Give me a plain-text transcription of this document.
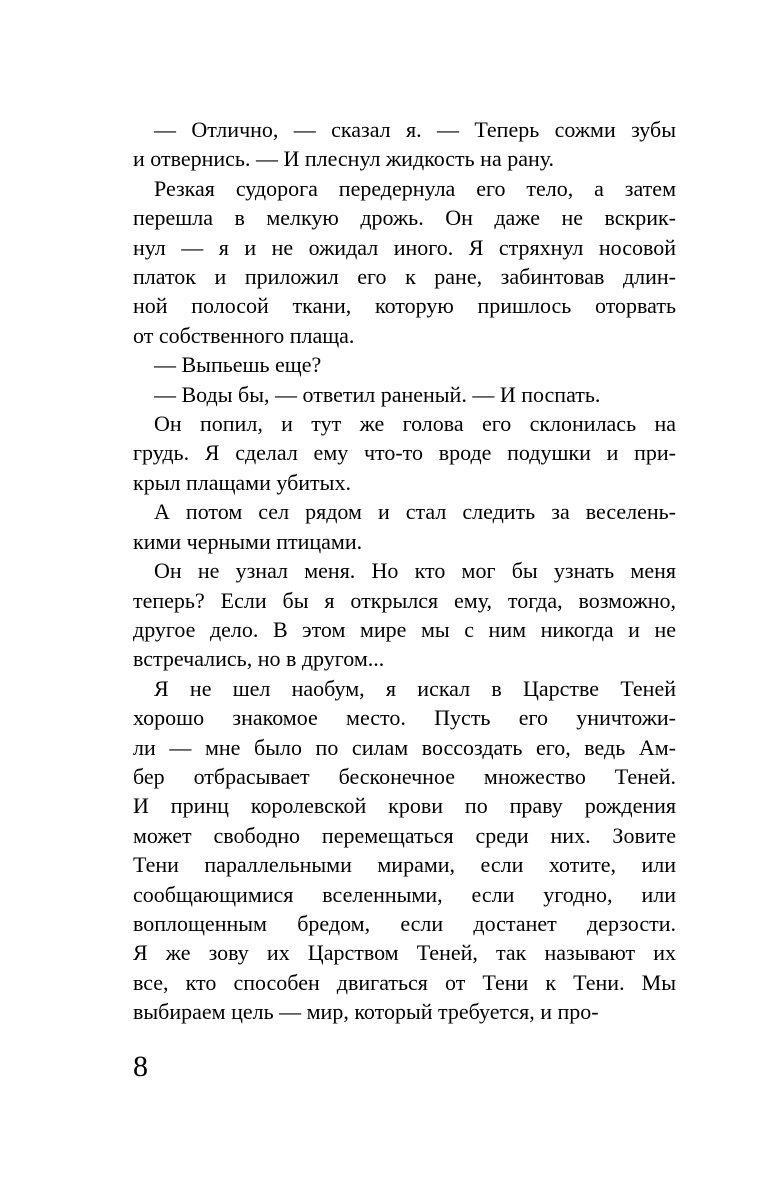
— Отлично, — сказал я. — Теперь сожми зубы
и отвернись. — И плеснул жидкость на рану.
Резкая судорога передернула его тело, а затем
перешла в мелкую дрожь. Он даже не вскрик-
нул — я и не ожидал иного. Я стряхнул носовой
платок и приложил его к ране, забинтовав длин-
ной полосой ткани, которую пришлось оторвать
от собственного плаща.
— Выпьешь еще?
— Воды бы, — ответил раненый. — И поспать.
Он попил, и тут же голова его склонилась на
грудь. Я сделал ему что-то вроде подушки и при-
крыл плащами убитых.
А потом сел рядом и стал следить за веселень-
кими черными птицами.
Он не узнал меня. Но кто мог бы узнать меня
теперь? Если бы я открылся ему, тогда, возможно,
другое дело. В этом мире мы с ним никогда и не
встречались, но в другом...
Я не шел наобум, я искал в Царстве Теней
хорошо знакомое место. Пусть его уничтожи-
ли — мне было по силам воссоздать его, ведь Ам-
бер отбрасывает бесконечное множество Теней.
И принц королевской крови по праву рождения
может свободно перемещаться среди них. Зовите
Тени параллельными мирами, если хотите, или
сообщающимися вселенными, если угодно, или
воплощенным бредом, если достанет дерзости.
Я же зову их Царством Теней, так называют их
все, кто способен двигаться от Тени к Тени. Мы
выбираем цель — мир, который требуется, и про-
8
